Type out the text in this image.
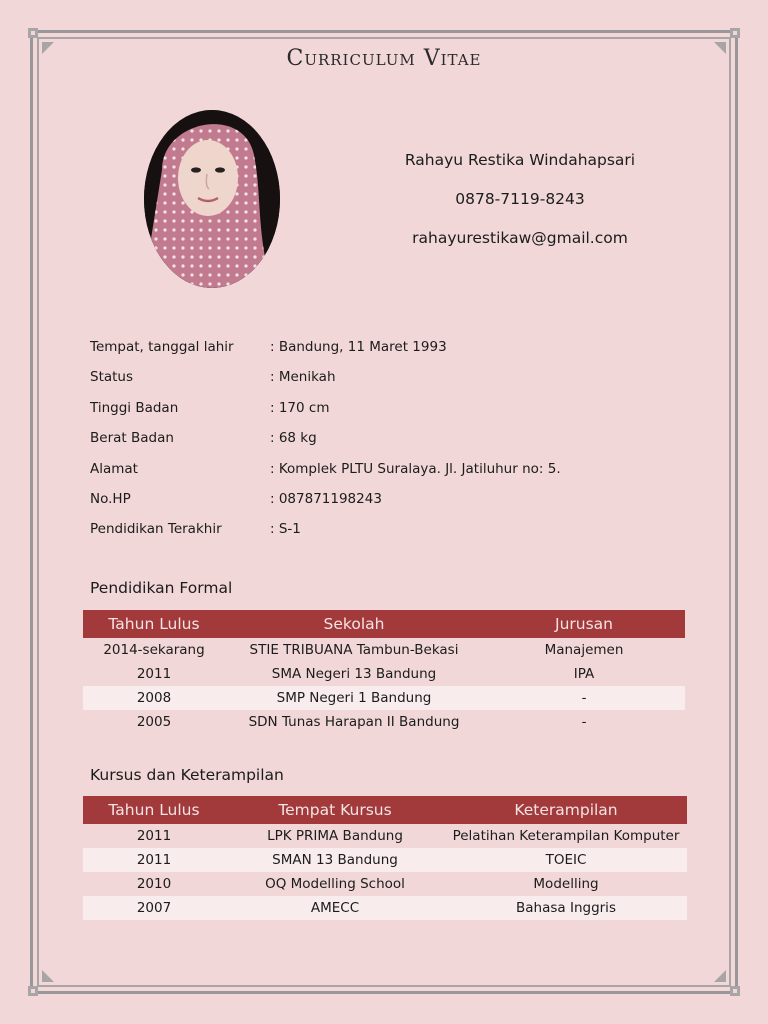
Curriculum Vitae
Rahayu Restika Windahapsari
0878-7119-8243
rahayurestikaw@gmail.com
Tempat, tanggal lahir	: Bandung, 11 Maret 1993
Status	: Menikah
Tinggi Badan	: 170 cm
Berat Badan	: 68 kg
Alamat	: Komplek PLTU Suralaya. Jl. Jatiluhur no: 5.
No.HP	: 087871198243
Pendidikan Terakhir	: S-1
Pendidikan Formal
Tahun Lulus	Sekolah	Jurusan
2014-sekarang	STIE TRIBUANA Tambun-Bekasi	Manajemen
2011	SMA Negeri 13 Bandung	IPA
2008	SMP Negeri 1 Bandung	-
2005	SDN Tunas Harapan II Bandung	-
Kursus dan Keterampilan
Tahun Lulus	Tempat Kursus	Keterampilan
2011	LPK PRIMA Bandung	Pelatihan Keterampilan Komputer
2011	SMAN 13 Bandung	TOEIC
2010	OQ Modelling School	Modelling
2007	AMECC	Bahasa Inggris
